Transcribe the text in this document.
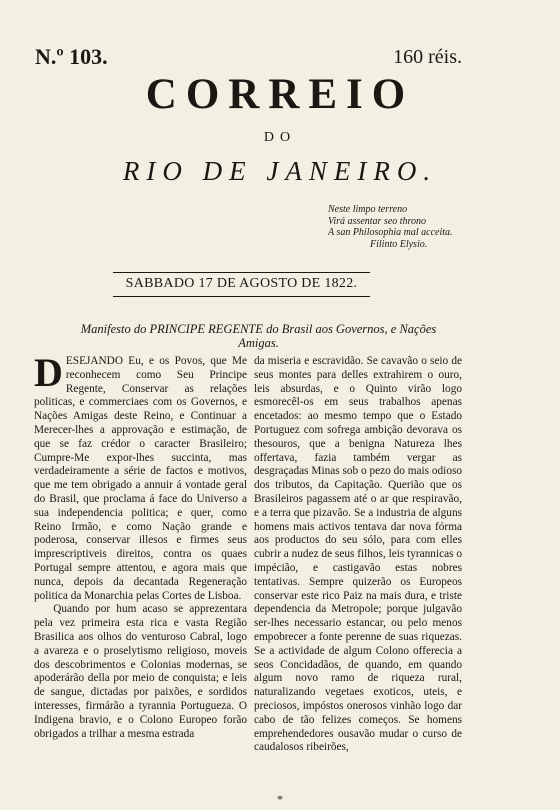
N.º 103.	160 réis.
CORREIO
DO
RIO DE JANEIRO.
Neste limpo terreno
Virá assentar seo throno
A san Philosophia mal acceita.
Filinto Elysio.
SABBADO 17 DE AGOSTO DE 1822.
Manifesto do PRINCIPE REGENTE do Brasil aos Governos, e Nações Amigas.

DESEJANDO Eu, e os Povos, que Me reconhecem como Seu Principe Regente, Conservar as relações politicas, e commerciaes com os Governos, e Nações Amigas deste Reino, e Continuar a Merecer-lhes a approvação e estimação, de que se faz crédor o caracter Brasileiro; Cumpre-Me expor-lhes succinta, mas verdadeiramente a série de factos e motivos, que me tem obrigado a annuir á vontade geral do Brasil, que proclama á face do Universo a sua independencia politica; e quer, como Reino Irmão, e como Nação grande e poderosa, conservar illesos e firmes seus imprescriptiveis direitos, contra os quaes Portugal sempre attentou, e agora mais que nunca, depois da decantada Regeneração politica da Monarchia pelas Cortes de Lisboa.

Quando por hum acaso se apprezentara pela vez primeira esta rica e vasta Região Brasilica aos olhos do venturoso Cabral, logo a avareza e o proselytismo religioso, moveis dos descobrimentos e Colonias modernas, se apoderárão della por meio de conquista; e leis de sangue, dictadas por paixões, e sordidos interesses, firmárão a tyrannia Portugueza. O Indigena bravio, e o Colono Europeo forão obrigados a trilhar a mesma estrada

da miseria e escravidão. Se cavavão o seio de seus montes para delles extrahirem o ouro, leis absurdas, e o Quinto virão logo esmorecêl-os em seus trabalhos apenas encetados: ao mesmo tempo que o Estado Portuguez com sofrega ambição devorava os thesouros, que a benigna Natureza lhes offertava, fazia também vergar as desgraçadas Minas sob o pezo do mais odioso dos tributos, da Capitação. Querião que os Brasileiros pagassem até o ar que respiravão, e a terra que pizavão. Se a industria de alguns homens mais activos tentava dar nova fórma aos productos do seu sólo, para com elles cubrir a nudez de seus filhos, leis tyrannicas o impécião, e castigavão estas nobres tentativas. Sempre quizerão os Europeos conservar este rico Paiz na mais dura, e triste dependencia da Metropole; porque julgavão ser-lhes necessario estancar, ou pelo menos empobrecer a fonte perenne de suas riquezas. Se a actividade de algum Colono offerecia a seos Concidadãos, de quando, em quando algum novo ramo de riqueza rural, naturalizando vegetaes exoticos, uteis, e preciosos, impóstos onerosos vinhão logo dar cabo de tão felizes começos. Se homens emprehendedores ousavão mudar o curso de caudalosos ribeirões,

*
